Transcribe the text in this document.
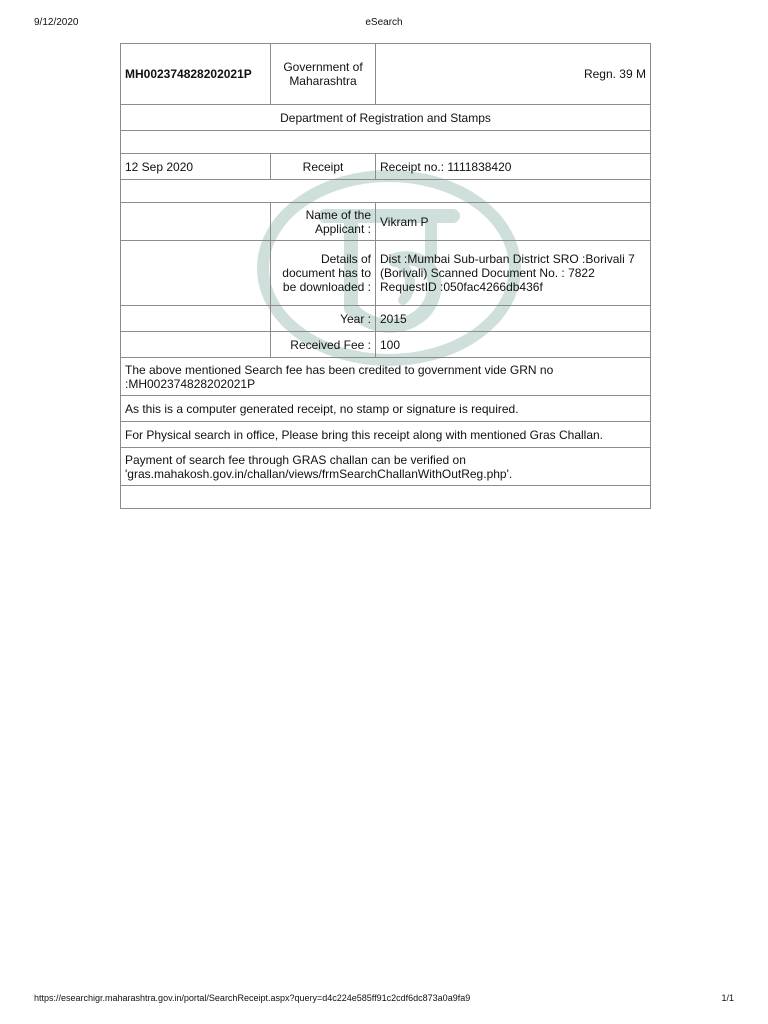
9/12/2020	eSearch
MH002374828202021P	Government of Maharashtra	Regn. 39 M
Department of Registration and Stamps		

12 Sep 2020	Receipt	Receipt no.: 1111838420

	Name of the Applicant :	Vikram P
	Details of document has to be downloaded :	Dist :Mumbai Sub-urban District SRO :Borivali 7 (Borivali) Scanned Document No. : 7822 RequestID :050fac4266db436f
	Year :	2015
	Received Fee :	100
The above mentioned Search fee has been credited to government vide GRN no :MH002374828202021P		
As this is a computer generated receipt, no stamp or signature is required.		
For Physical search in office, Please bring this receipt along with mentioned Gras Challan.		
Payment of search fee through GRAS challan can be verified on 'gras.mahakosh.gov.in/challan/views/frmSearchChallanWithOutReg.php'.		

https://esearchigr.maharashtra.gov.in/portal/SearchReceipt.aspx?query=d4c224e585ff91c2cdf6dc873a0a9fa9	1/1
